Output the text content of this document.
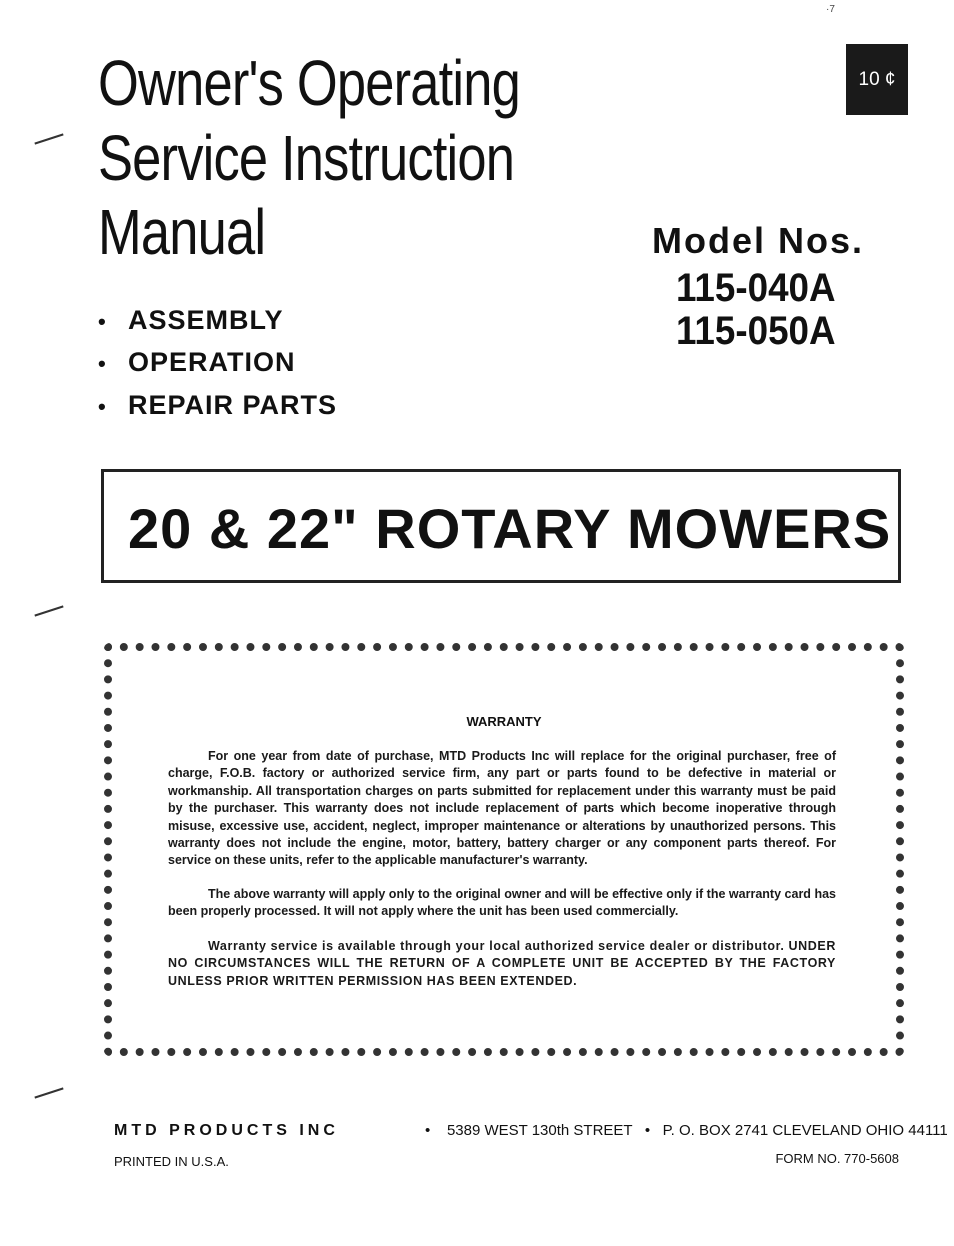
·7
Owner's Operating
Service Instruction
Manual
10 ¢
Model Nos.
115-040A
115-050A
• ASSEMBLY
• OPERATION
• REPAIR PARTS
20 & 22" ROTARY MOWERS
WARRANTY
For one year from date of purchase, MTD Products Inc will replace for the original purchaser, free of charge, F.O.B. factory or authorized service firm, any part or parts found to be defective in material or workmanship. All transportation charges on parts submitted for replacement under this warranty must be paid by the purchaser. This warranty does not include replacement of parts which become inoperative through misuse, excessive use, accident, neglect, improper maintenance or alterations by unauthorized persons. This warranty does not include the engine, motor, battery, battery charger or any component parts thereof. For service on these units, refer to the applicable manufacturer's warranty.
The above warranty will apply only to the original owner and will be effective only if the warranty card has been properly processed. It will not apply where the unit has been used commercially.
Warranty service is available through your local authorized service dealer or distributor. UNDER NO CIRCUMSTANCES WILL THE RETURN OF A COMPLETE UNIT BE ACCEPTED BY THE FACTORY UNLESS PRIOR WRITTEN PERMISSION HAS BEEN EXTENDED.
MTD PRODUCTS INC	• 5389 WEST 130th STREET • P. O. BOX 2741 CLEVELAND OHIO 44111
PRINTED IN U.S.A.	FORM NO. 770-5608
